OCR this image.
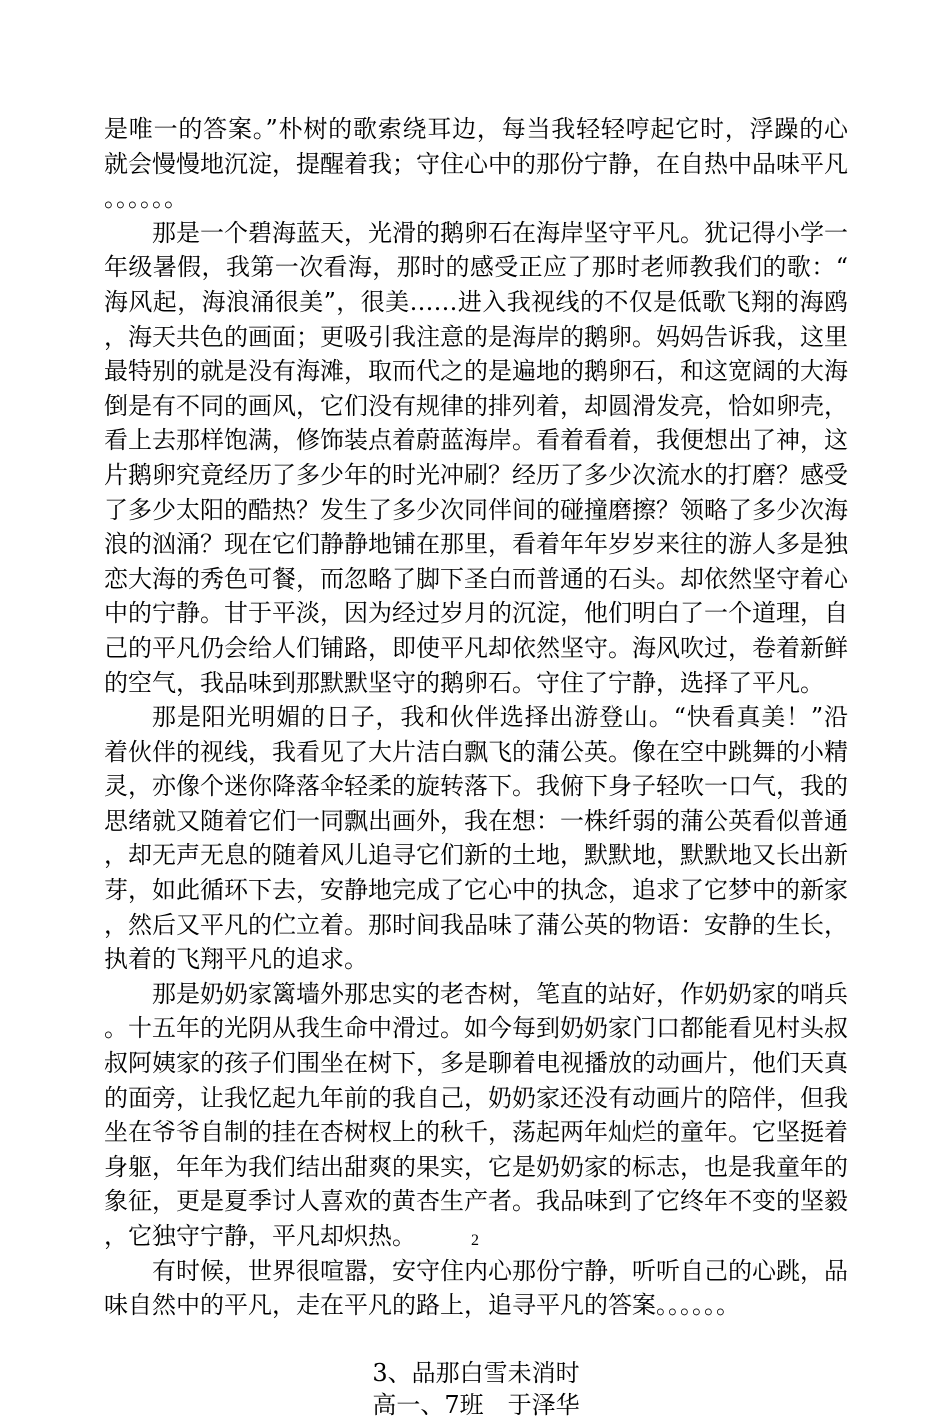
是唯一的答案。”朴树的歌索绕耳边，每当我轻轻哼起它时，浮躁的心就会慢慢地沉淀，提醒着我；守住心中的那份宁静，在自热中品味平凡。。。。。。

那是一个碧海蓝天，光滑的鹅卵石在海岸坚守平凡。犹记得小学一年级暑假，我第一次看海，那时的感受正应了那时老师教我们的歌：“海风起，海浪涌很美”，很美……进入我视线的不仅是低歌飞翔的海鸥，海天共色的画面；更吸引我注意的是海岸的鹅卵。妈妈告诉我，这里最特别的就是没有海滩，取而代之的是遍地的鹅卵石，和这宽阔的大海倒是有不同的画风，它们没有规律的排列着，却圆滑发亮，恰如卵壳，看上去那样饱满，修饰装点着蔚蓝海岸。看着看着，我便想出了神，这片鹅卵究竟经历了多少年的时光冲刷？经历了多少次流水的打磨？感受了多少太阳的酷热？发生了多少次同伴间的碰撞磨擦？领略了多少次海浪的汹涌？现在它们静静地铺在那里，看着年年岁岁来往的游人多是独恋大海的秀色可餐，而忽略了脚下圣白而普通的石头。却依然坚守着心中的宁静。甘于平淡，因为经过岁月的沉淀，他们明白了一个道理，自己的平凡仍会给人们铺路，即使平凡却依然坚守。海风吹过，卷着新鲜的空气，我品味到那默默坚守的鹅卵石。守住了宁静，选择了平凡。

那是阳光明媚的日子，我和伙伴选择出游登山。“快看真美！”沿着伙伴的视线，我看见了大片洁白飘飞的蒲公英。像在空中跳舞的小精灵，亦像个迷你降落伞轻柔的旋转落下。我俯下身子轻吹一口气，我的思绪就又随着它们一同飘出画外，我在想：一株纤弱的蒲公英看似普通，却无声无息的随着风儿追寻它们新的土地，默默地，默默地又长出新芽，如此循环下去，安静地完成了它心中的执念，追求了它梦中的新家，然后又平凡的伫立着。那时间我品味了蒲公英的物语：安静的生长，执着的飞翔平凡的追求。

那是奶奶家篱墙外那忠实的老杏树，笔直的站好，作奶奶家的哨兵。十五年的光阴从我生命中滑过。如今每到奶奶家门口都能看见村头叔叔阿姨家的孩子们围坐在树下，多是聊着电视播放的动画片，他们天真的面旁，让我忆起九年前的我自己，奶奶家还没有动画片的陪伴，但我坐在爷爷自制的挂在杏树杈上的秋千，荡起两年灿烂的童年。它坚挺着身躯，年年为我们结出甜爽的果实，它是奶奶家的标志，也是我童年的象征，更是夏季讨人喜欢的黄杏生产者。我品味到了它终年不变的坚毅，它独守宁静，平凡却炽热。

有时候，世界很喧嚣，安守住内心那份宁静，听听自己的心跳，品味自然中的平凡，走在平凡的路上，追寻平凡的答案。。。。。。

3、品那白雪未消时
高一、7班　于泽华
2
